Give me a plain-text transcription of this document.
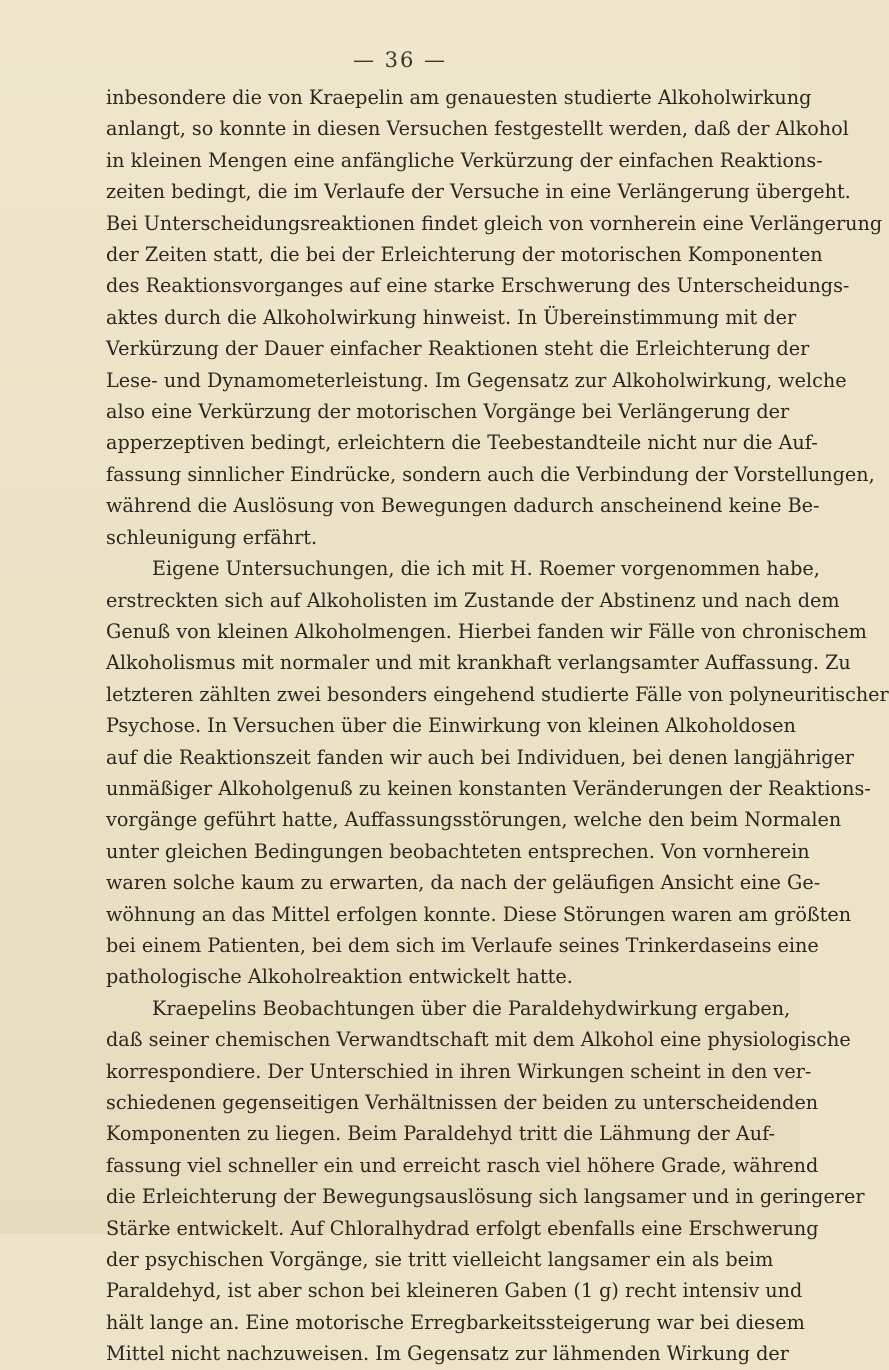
— 36 —
inbesondere die von Kraepelin am genauesten studierte Alkoholwirkung
anlangt, so konnte in diesen Versuchen festgestellt werden, daß der Alkohol
in kleinen Mengen eine anfängliche Verkürzung der einfachen Reaktions-
zeiten bedingt, die im Verlaufe der Versuche in eine Verlängerung übergeht.
Bei Unterscheidungsreaktionen findet gleich von vornherein eine Verlängerung
der Zeiten statt, die bei der Erleichterung der motorischen Komponenten
des Reaktionsvorganges auf eine starke Erschwerung des Unterscheidungs-
aktes durch die Alkoholwirkung hinweist. In Übereinstimmung mit der
Verkürzung der Dauer einfacher Reaktionen steht die Erleichterung der
Lese- und Dynamometerleistung. Im Gegensatz zur Alkoholwirkung, welche
also eine Verkürzung der motorischen Vorgänge bei Verlängerung der
apperzeptiven bedingt, erleichtern die Teebestandteile nicht nur die Auf-
fassung sinnlicher Eindrücke, sondern auch die Verbindung der Vorstellungen,
während die Auslösung von Bewegungen dadurch anscheinend keine Be-
schleunigung erfährt.
Eigene Untersuchungen, die ich mit H. Roemer vorgenommen habe,
erstreckten sich auf Alkoholisten im Zustande der Abstinenz und nach dem
Genuß von kleinen Alkoholmengen. Hierbei fanden wir Fälle von chronischem
Alkoholismus mit normaler und mit krankhaft verlangsamter Auffassung. Zu
letzteren zählten zwei besonders eingehend studierte Fälle von polyneuritischer
Psychose. In Versuchen über die Einwirkung von kleinen Alkoholdosen
auf die Reaktionszeit fanden wir auch bei Individuen, bei denen langjähriger
unmäßiger Alkoholgenuß zu keinen konstanten Veränderungen der Reaktions-
vorgänge geführt hatte, Auffassungsstörungen, welche den beim Normalen
unter gleichen Bedingungen beobachteten entsprechen. Von vornherein
waren solche kaum zu erwarten, da nach der geläufigen Ansicht eine Ge-
wöhnung an das Mittel erfolgen konnte. Diese Störungen waren am größten
bei einem Patienten, bei dem sich im Verlaufe seines Trinkerdaseins eine
pathologische Alkoholreaktion entwickelt hatte.
Kraepelins Beobachtungen über die Paraldehydwirkung ergaben,
daß seiner chemischen Verwandtschaft mit dem Alkohol eine physiologische
korrespondiere. Der Unterschied in ihren Wirkungen scheint in den ver-
schiedenen gegenseitigen Verhältnissen der beiden zu unterscheidenden
Komponenten zu liegen. Beim Paraldehyd tritt die Lähmung der Auf-
fassung viel schneller ein und erreicht rasch viel höhere Grade, während
die Erleichterung der Bewegungsauslösung sich langsamer und in geringerer
Stärke entwickelt. Auf Chloralhydrad erfolgt ebenfalls eine Erschwerung
der psychischen Vorgänge, sie tritt vielleicht langsamer ein als beim
Paraldehyd, ist aber schon bei kleineren Gaben (1 g) recht intensiv und
hält lange an. Eine motorische Erregbarkeitssteigerung war bei diesem
Mittel nicht nachzuweisen. Im Gegensatz zur lähmenden Wirkung der
